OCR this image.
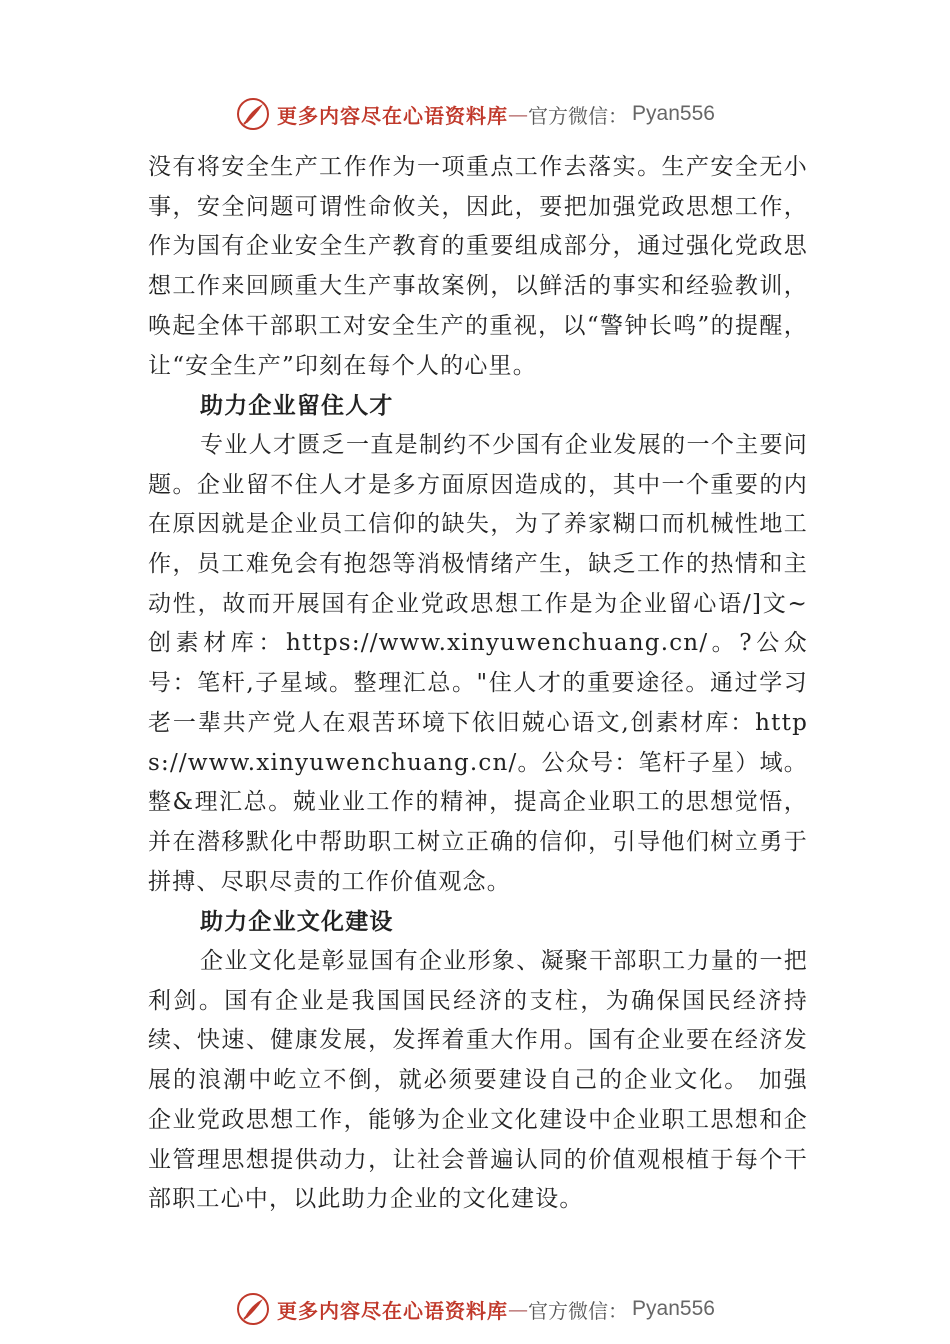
更多内容尽在心语资料库 — 官方微信： Pyan556

没有将安全生产工作作为一项重点工作去落实。生产安全无小事，安全问题可谓性命攸关，因此，要把加强党政思想工作，作为国有企业安全生产教育的重要组成部分，通过强化党政思想工作来回顾重大生产事故案例，以鲜活的事实和经验教训，唤起全体干部职工对安全生产的重视，以“警钟长鸣”的提醒，让“安全生产”印刻在每个人的心里。

助力企业留住人才

专业人才匮乏一直是制约不少国有企业发展的一个主要问题。企业留不住人才是多方面原因造成的，其中一个重要的内在原因就是企业员工信仰的缺失，为了养家糊口而机械性地工作，员工难免会有抱怨等消极情绪产生，缺乏工作的热情和主动性，故而开展国有企业党政思想工作是为企业留心语/]文~创素材库：https://www.xinyuwenchuang.cn/。?公众号：笔杆,子星域。整理汇总。"住人才的重要途径。通过学习老一辈共产党人在艰苦环境下依旧兢心语文,创素材库：https://www.xinyuwenchuang.cn/。公众号：笔杆子星）域。整&理汇总。兢业业工作的精神，提高企业职工的思想觉悟，并在潜移默化中帮助职工树立正确的信仰，引导他们树立勇于拼搏、尽职尽责的工作价值观念。

助力企业文化建设

企业文化是彰显国有企业形象、凝聚干部职工力量的一把利剑。国有企业是我国国民经济的支柱，为确保国民经济持续、快速、健康发展，发挥着重大作用。国有企业要在经济发展的浪潮中屹立不倒，就必须要建设自己的企业文化。 加强企业党政思想工作，能够为企业文化建设中企业职工思想和企业管理思想提供动力，让社会普遍认同的价值观根植于每个干部职工心中，以此助力企业的文化建设。

更多内容尽在心语资料库 — 官方微信： Pyan556
